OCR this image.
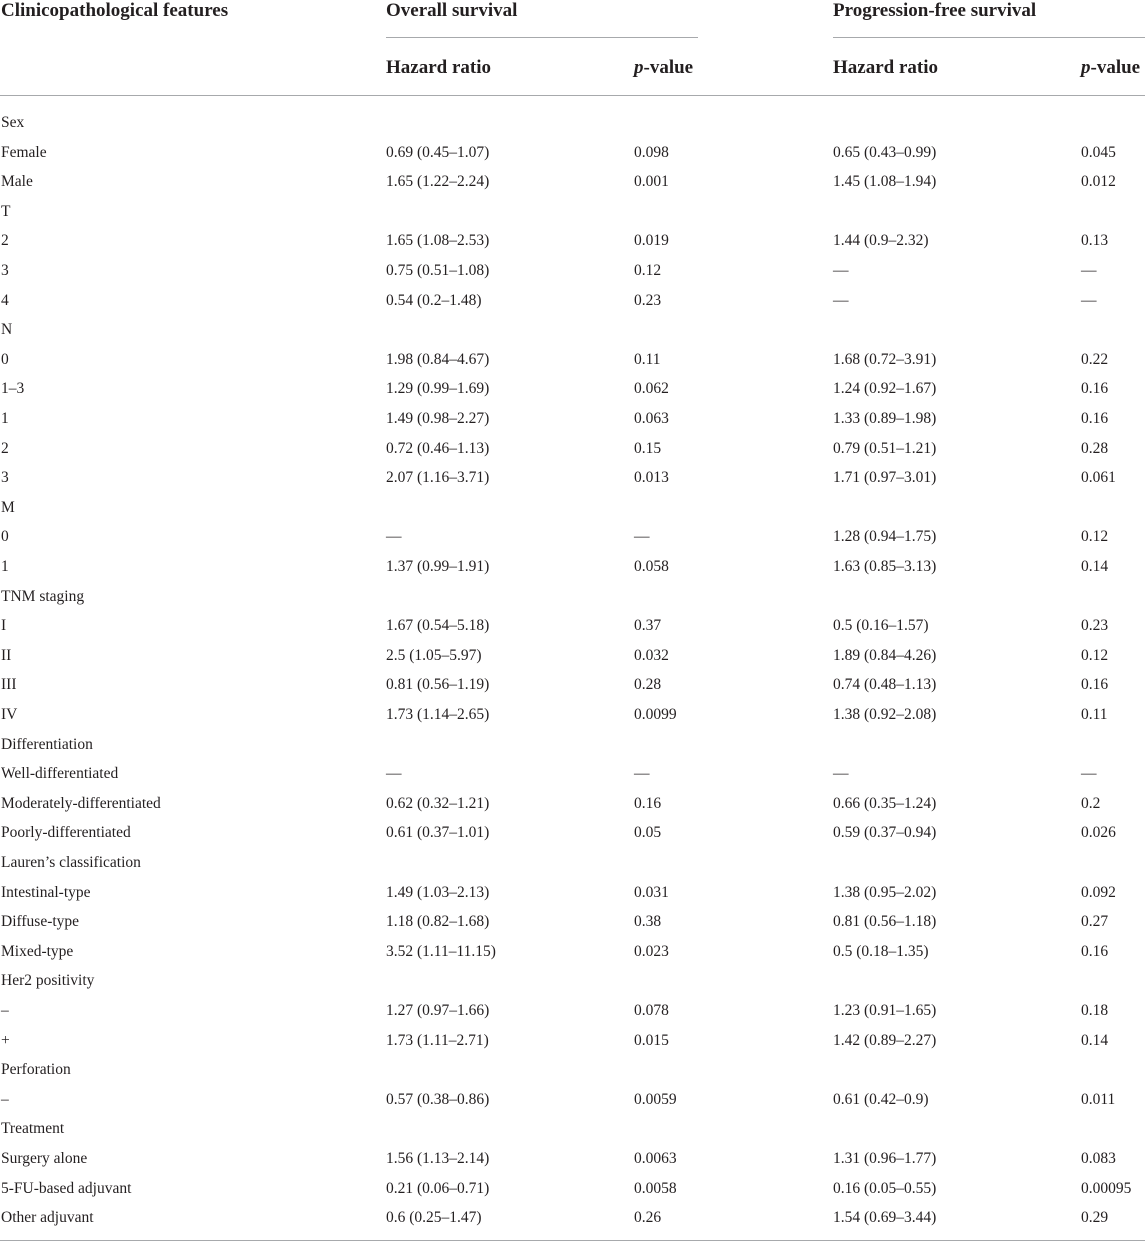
Clinicopathological features	Overall survival	Progression-free survival
Hazard ratio	p-value	Hazard ratio	p-value
Sex
Female	0.69 (0.45–1.07)	0.098	0.65 (0.43–0.99)	0.045
Male	1.65 (1.22–2.24)	0.001	1.45 (1.08–1.94)	0.012
T
2	1.65 (1.08–2.53)	0.019	1.44 (0.9–2.32)	0.13
3	0.75 (0.51–1.08)	0.12	—	—
4	0.54 (0.2–1.48)	0.23	—	—
N
0	1.98 (0.84–4.67)	0.11	1.68 (0.72–3.91)	0.22
1–3	1.29 (0.99–1.69)	0.062	1.24 (0.92–1.67)	0.16
1	1.49 (0.98–2.27)	0.063	1.33 (0.89–1.98)	0.16
2	0.72 (0.46–1.13)	0.15	0.79 (0.51–1.21)	0.28
3	2.07 (1.16–3.71)	0.013	1.71 (0.97–3.01)	0.061
M
0	—	—	1.28 (0.94–1.75)	0.12
1	1.37 (0.99–1.91)	0.058	1.63 (0.85–3.13)	0.14
TNM staging
I	1.67 (0.54–5.18)	0.37	0.5 (0.16–1.57)	0.23
II	2.5 (1.05–5.97)	0.032	1.89 (0.84–4.26)	0.12
III	0.81 (0.56–1.19)	0.28	0.74 (0.48–1.13)	0.16
IV	1.73 (1.14–2.65)	0.0099	1.38 (0.92–2.08)	0.11
Differentiation
Well-differentiated	—	—	—	—
Moderately-differentiated	0.62 (0.32–1.21)	0.16	0.66 (0.35–1.24)	0.2
Poorly-differentiated	0.61 (0.37–1.01)	0.05	0.59 (0.37–0.94)	0.026
Lauren’s classification
Intestinal-type	1.49 (1.03–2.13)	0.031	1.38 (0.95–2.02)	0.092
Diffuse-type	1.18 (0.82–1.68)	0.38	0.81 (0.56–1.18)	0.27
Mixed-type	3.52 (1.11–11.15)	0.023	0.5 (0.18–1.35)	0.16
Her2 positivity
–	1.27 (0.97–1.66)	0.078	1.23 (0.91–1.65)	0.18
+	1.73 (1.11–2.71)	0.015	1.42 (0.89–2.27)	0.14
Perforation
–	0.57 (0.38–0.86)	0.0059	0.61 (0.42–0.9)	0.011
Treatment
Surgery alone	1.56 (1.13–2.14)	0.0063	1.31 (0.96–1.77)	0.083
5-FU-based adjuvant	0.21 (0.06–0.71)	0.0058	0.16 (0.05–0.55)	0.00095
Other adjuvant	0.6 (0.25–1.47)	0.26	1.54 (0.69–3.44)	0.29
